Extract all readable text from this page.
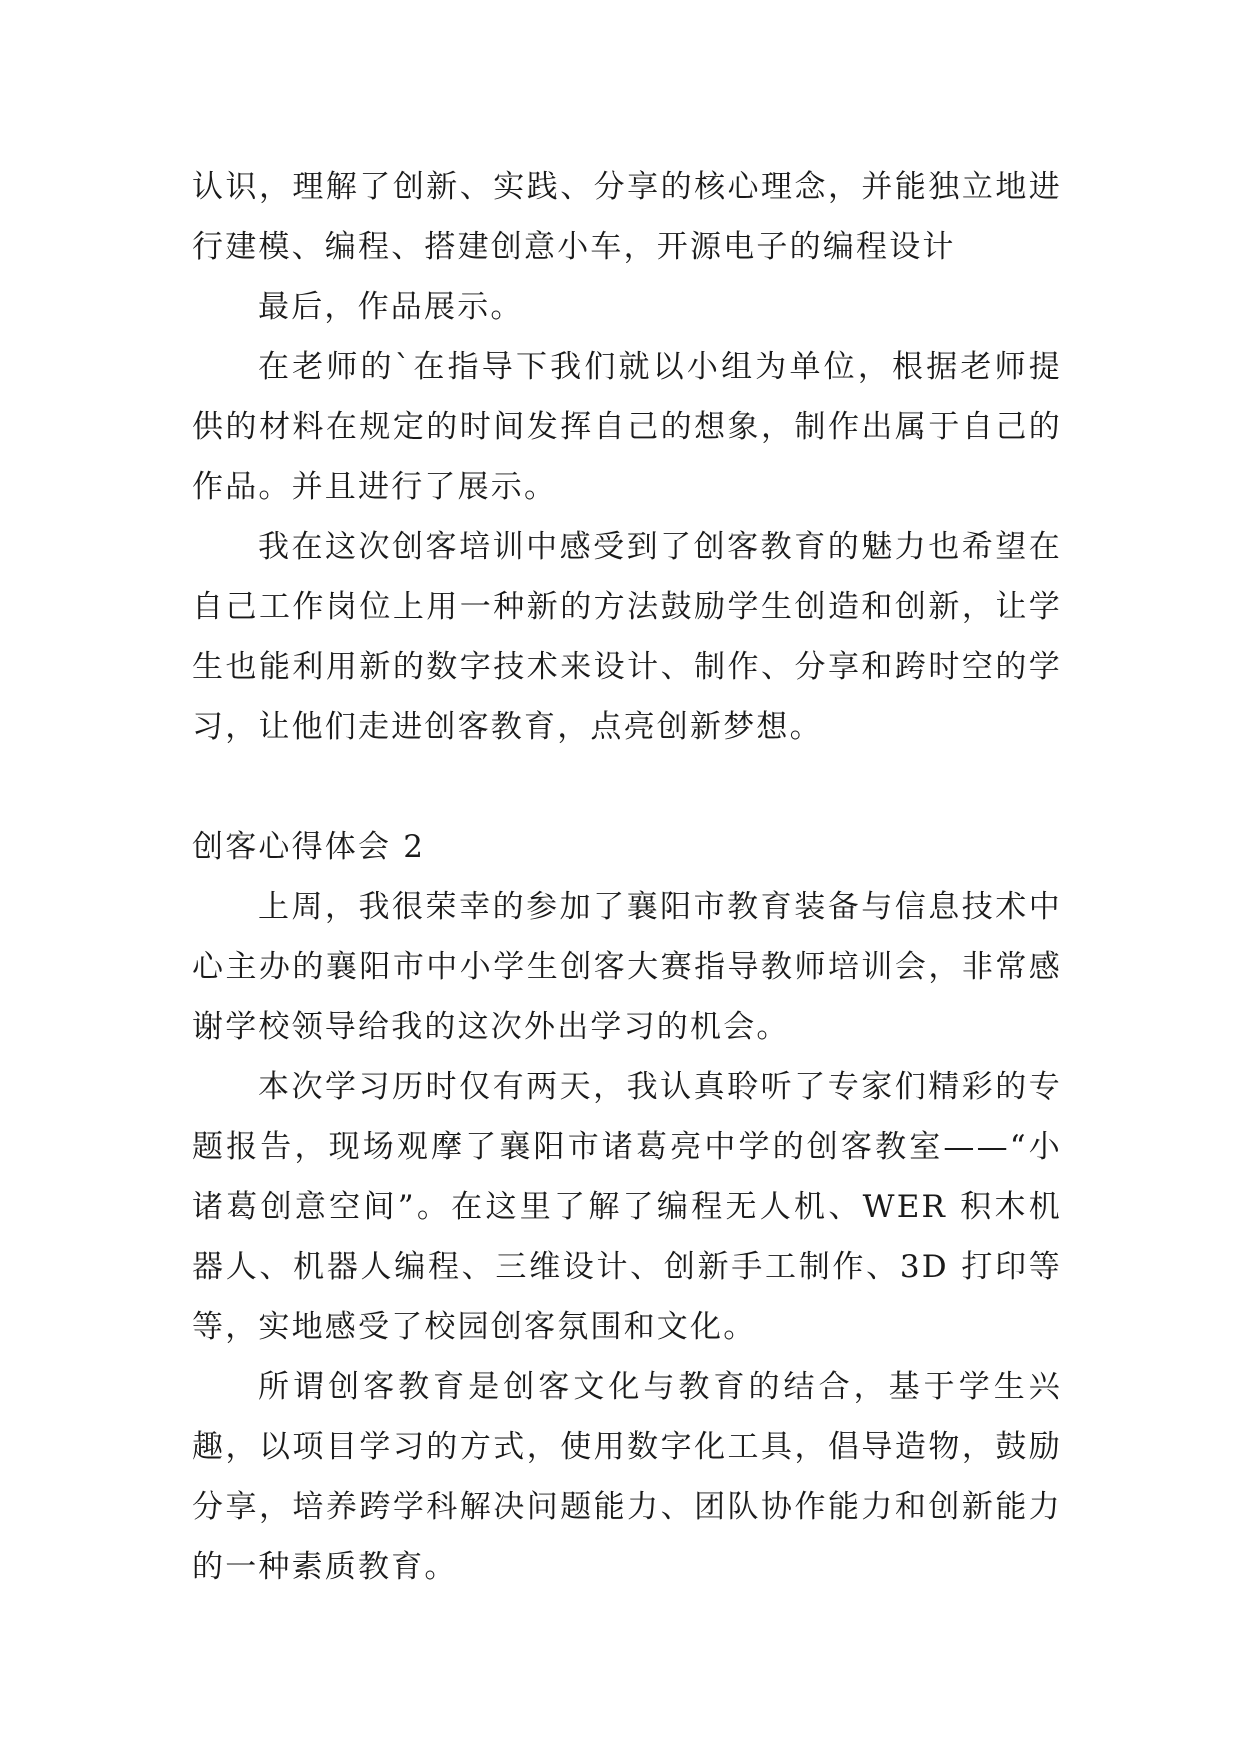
认识，理解了创新、实践、分享的核心理念，并能独立地进行建模、编程、搭建创意小车，开源电子的编程设计

最后，作品展示。

在老师的`在指导下我们就以小组为单位，根据老师提供的材料在规定的时间发挥自己的想象，制作出属于自己的作品。并且进行了展示。

我在这次创客培训中感受到了创客教育的魅力也希望在自己工作岗位上用一种新的方法鼓励学生创造和创新，让学生也能利用新的数字技术来设计、制作、分享和跨时空的学习，让他们走进创客教育，点亮创新梦想。

创客心得体会 2

上周，我很荣幸的参加了襄阳市教育装备与信息技术中心主办的襄阳市中小学生创客大赛指导教师培训会，非常感谢学校领导给我的这次外出学习的机会。

本次学习历时仅有两天，我认真聆听了专家们精彩的专题报告，现场观摩了襄阳市诸葛亮中学的创客教室——“小诸葛创意空间”。在这里了解了编程无人机、WER 积木机器人、机器人编程、三维设计、创新手工制作、3D 打印等等，实地感受了校园创客氛围和文化。

所谓创客教育是创客文化与教育的结合，基于学生兴趣，以项目学习的方式，使用数字化工具，倡导造物，鼓励分享，培养跨学科解决问题能力、团队协作能力和创新能力的一种素质教育。
